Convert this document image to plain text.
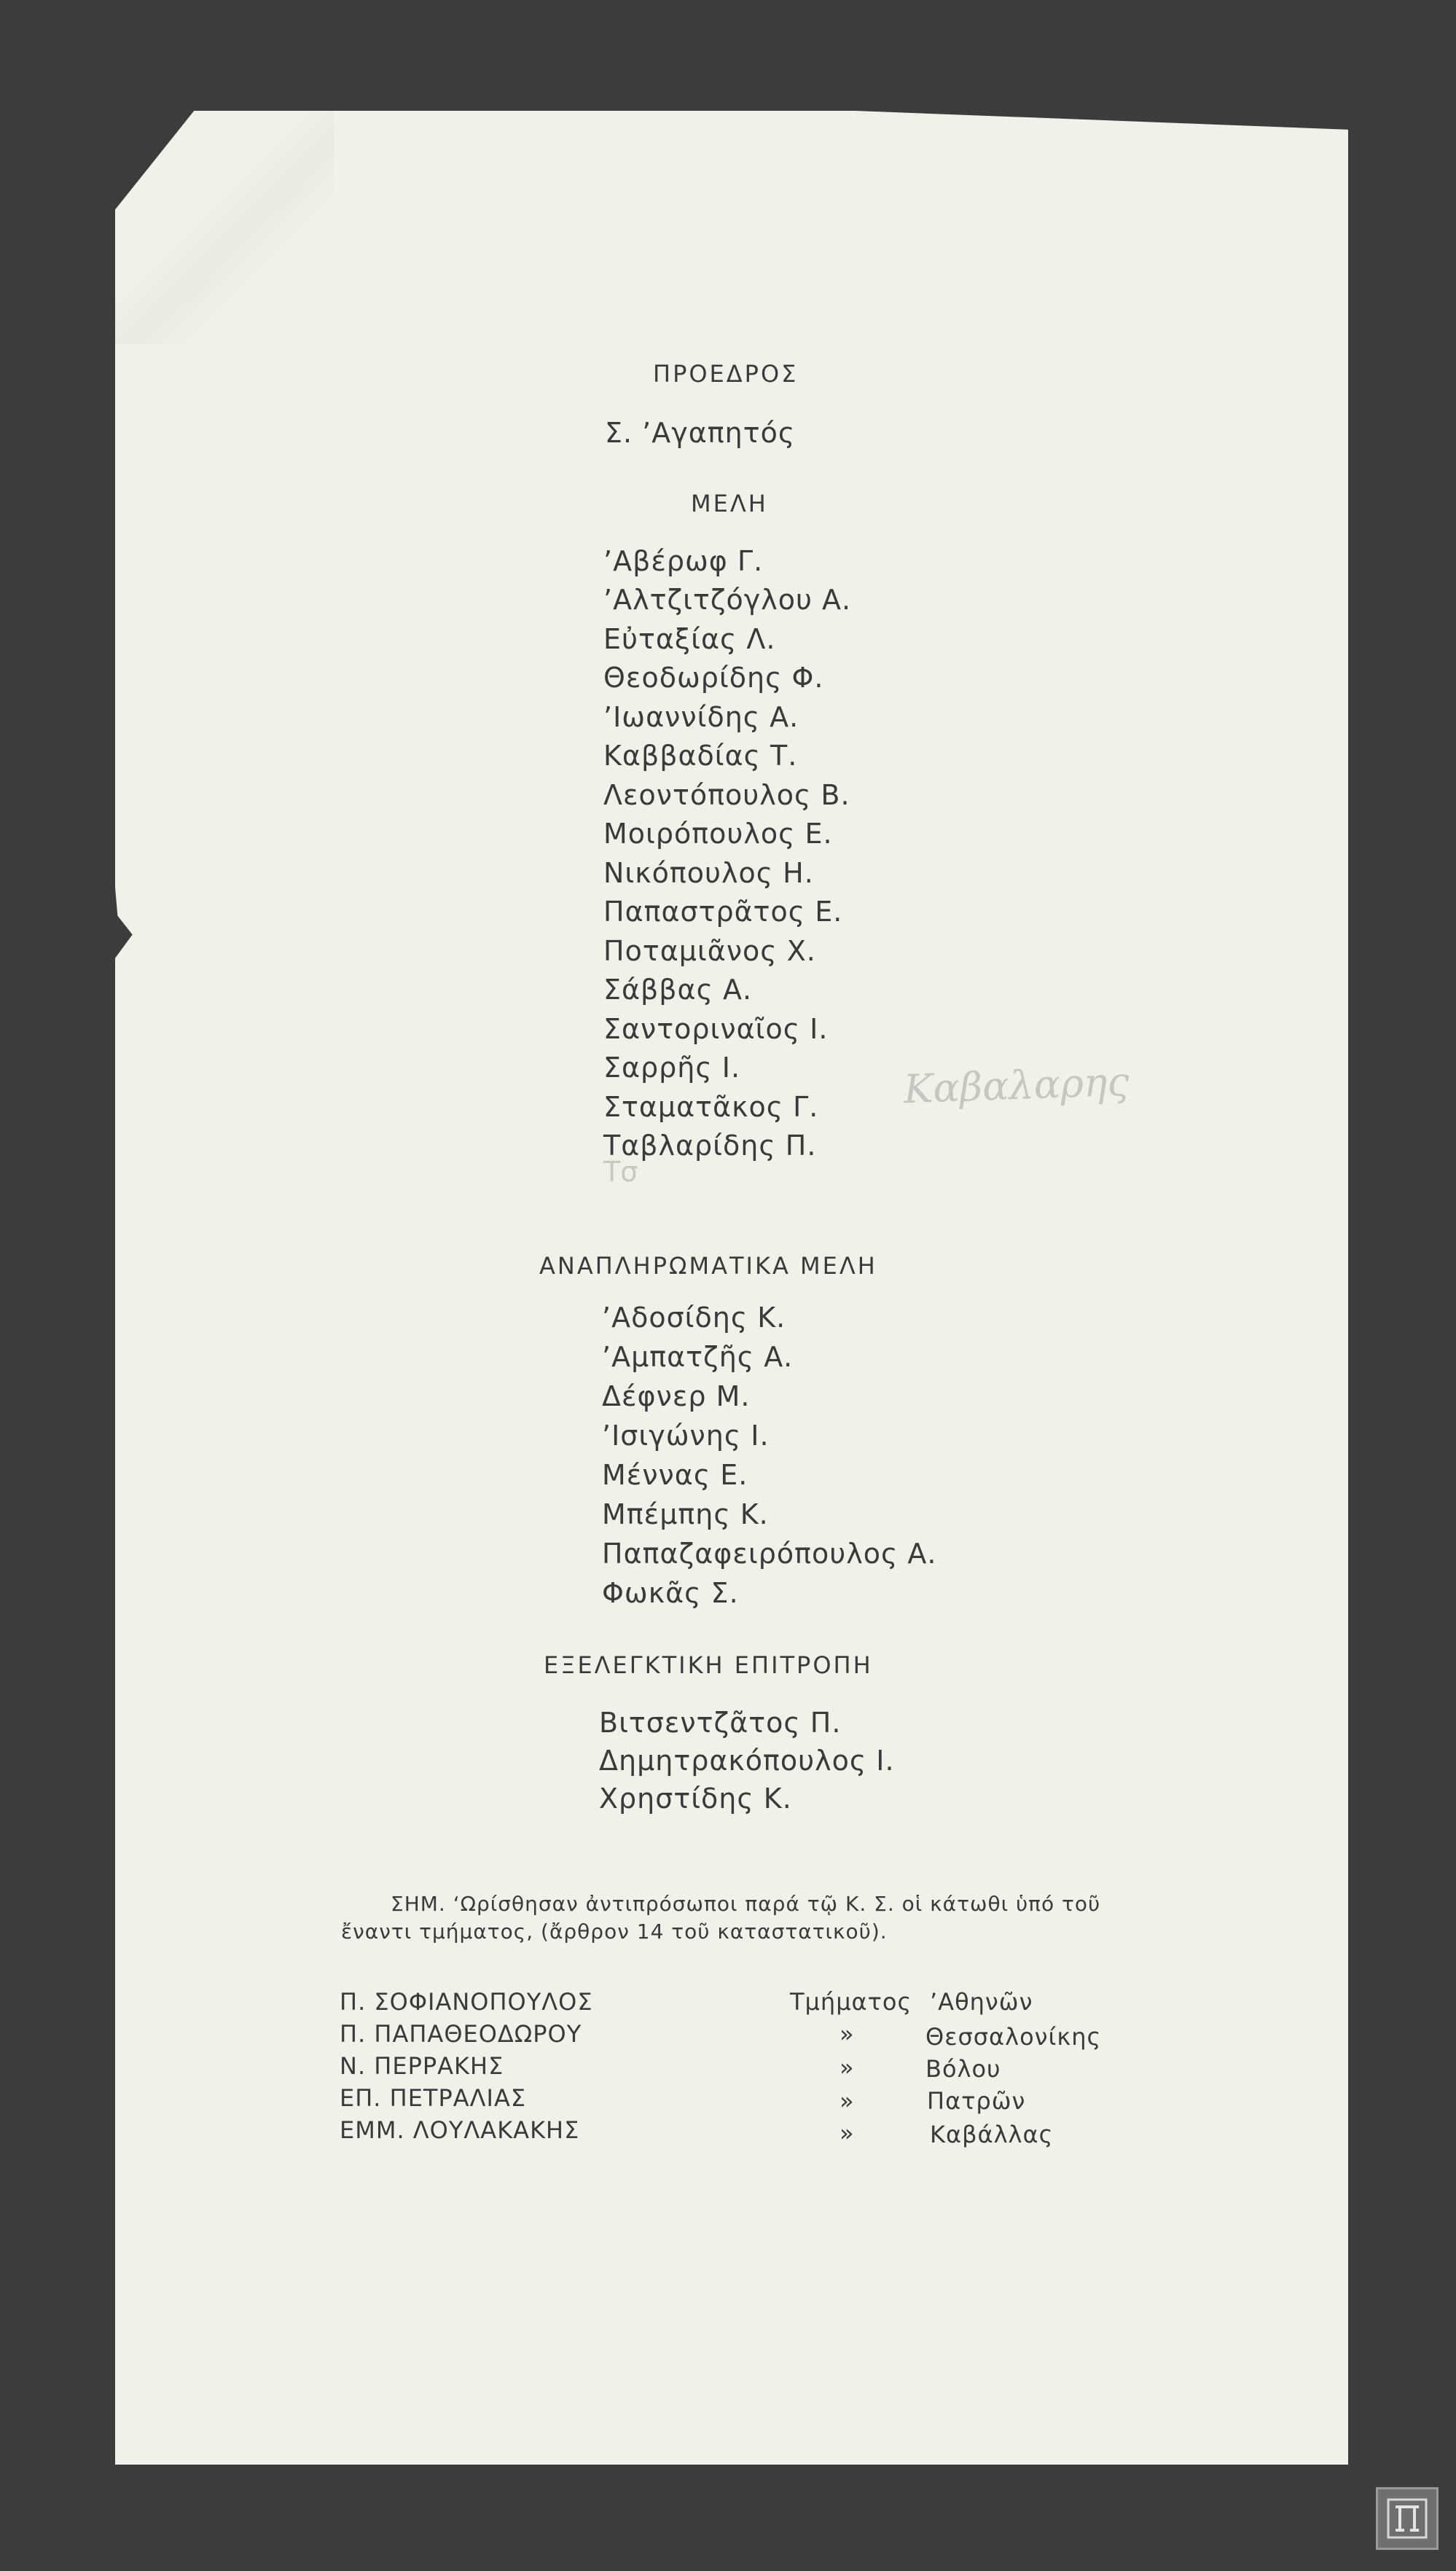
ΠΡΟΕΔΡΟΣ
Σ. ’Αγαπητός
ΜΕΛΗ
’Αβέρωφ Γ.
’Αλτζιτζόγλου Α.
Εὐταξίας Λ.
Θεοδωρίδης Φ.
’Ιωαννίδης Α.
Καββαδίας Τ.
Λεοντόπουλος Β.
Μοιρόπουλος Ε.
Νικόπουλος Η.
Παπαστρᾶτος Ε.
Ποταμιᾶνος Χ.
Σάββας Α.
Σαντοριναῖος Ι.
Σαρρῆς Ι.
Σταματᾶκος Γ.
Ταβλαρίδης Π.
Τσ
Καβαλαρης
ΑΝΑΠΛΗΡΩΜΑΤΙΚΑ ΜΕΛΗ
’Αδοσίδης Κ.
’Αμπατζῆς Α.
Δέφνερ Μ.
’Ισιγώνης Ι.
Μέννας Ε.
Μπέμπης Κ.
Παπαζαφειρόπουλος Α.
Φωκᾶς Σ.
ΕΞΕΛΕΓΚΤΙΚΗ ΕΠΙΤΡΟΠΗ
Βιτσεντζᾶτος Π.
Δημητρακόπουλος Ι.
Χρηστίδης Κ.
ΣΗΜ. ‘Ωρίσθησαν ἀντιπρόσωποι παρά τῷ Κ. Σ. οἱ κάτωθι ὑπό τοῦ ἔναντι τμήματος, (ἄρθρον 14 τοῦ καταστατικοῦ).
Π. ΣΟΦΙΑΝΟΠΟΥΛΟΣ	Τμήματος ’Αθηνῶν
Π. ΠΑΠΑΘΕΟΔΩΡΟΥ	»	Θεσσαλονίκης
Ν. ΠΕΡΡΑΚΗΣ	»	Βόλου
ΕΠ. ΠΕΤΡΑΛΙΑΣ	»	Πατρῶν
ΕΜΜ. ΛΟΥΛΑΚΑΚΗΣ	»	Καβάλλας
